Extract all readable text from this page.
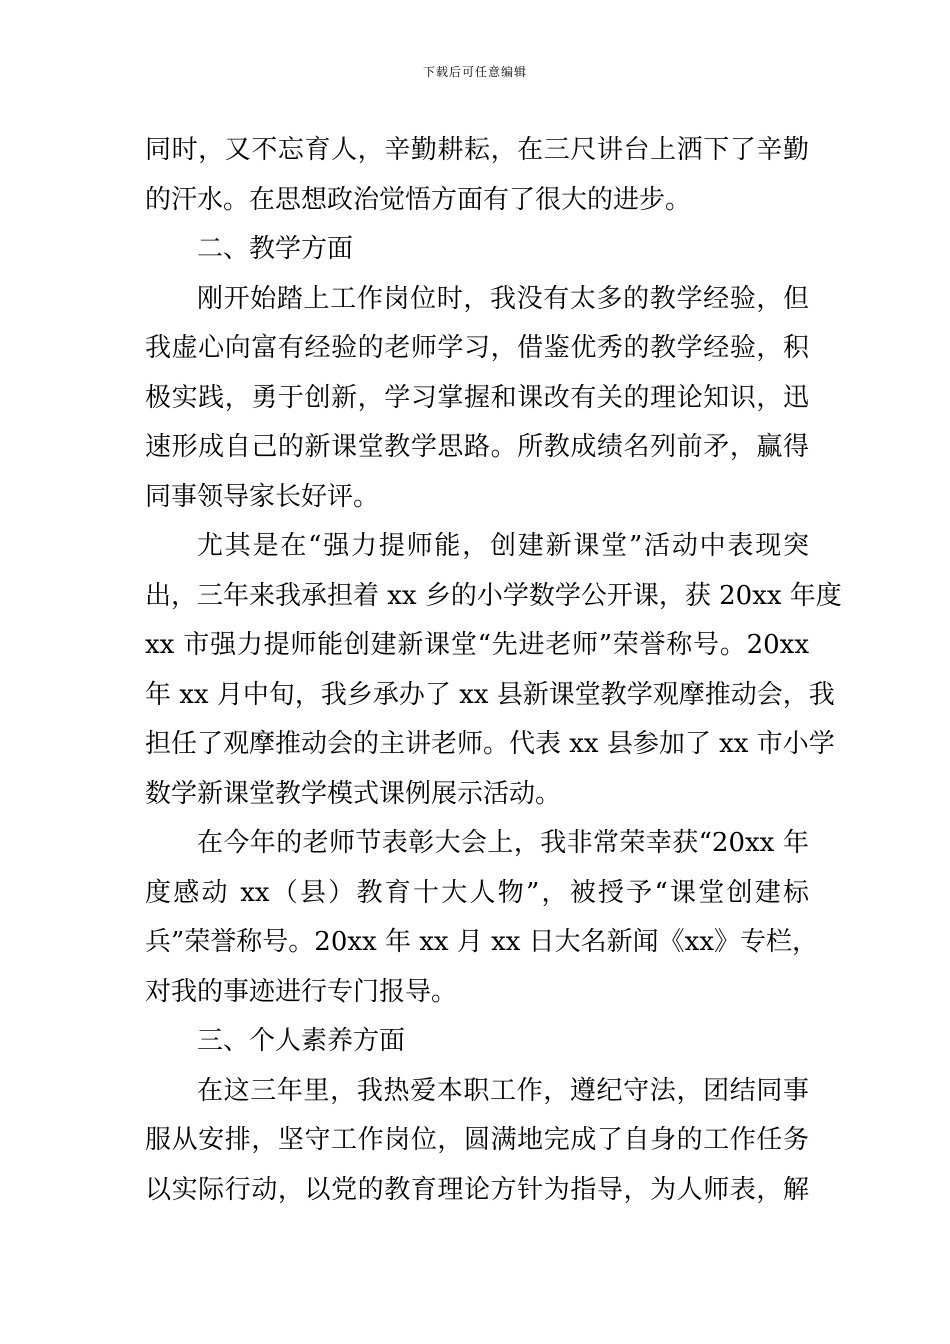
下载后可任意编辑
同时，又不忘育人，辛勤耕耘，在三尺讲台上洒下了辛勤
的汗水。在思想政治觉悟方面有了很大的进步。
二、教学方面
刚开始踏上工作岗位时，我没有太多的教学经验，但
我虚心向富有经验的老师学习，借鉴优秀的教学经验，积
极实践，勇于创新，学习掌握和课改有关的理论知识，迅
速形成自己的新课堂教学思路。所教成绩名列前矛，赢得
同事领导家长好评。
尤其是在“强力提师能，创建新课堂”活动中表现突
出，三年来我承担着 xx 乡的小学数学公开课，获 20xx 年度
xx 市强力提师能创建新课堂“先进老师”荣誉称号。20xx
年 xx 月中旬，我乡承办了 xx 县新课堂教学观摩推动会，我
担任了观摩推动会的主讲老师。代表 xx 县参加了 xx 市小学
数学新课堂教学模式课例展示活动。
在今年的老师节表彰大会上，我非常荣幸获“20xx 年
度感动 xx（县）教育十大人物”，被授予“课堂创建标
兵”荣誉称号。20xx 年 xx 月 xx 日大名新闻《xx》专栏，
对我的事迹进行专门报导。
三、个人素养方面
在这三年里，我热爱本职工作，遵纪守法，团结同事
服从安排，坚守工作岗位，圆满地完成了自身的工作任务
以实际行动，以党的教育理论方针为指导，为人师表，解
